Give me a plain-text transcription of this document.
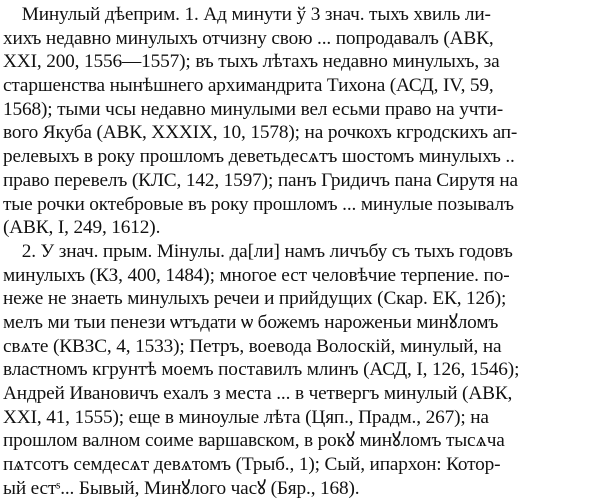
Минулый дѣеприм. 1. Ад минути ў 3 знач. тыхъ хвиль ли-
хихъ недавно минулыхъ отчизну свою ... попродавалъ (АВК,
XXI, 200, 1556—1557); въ тыхъ лѣтахъ недавно минулыхъ, за
старшенства нынѣшнего архимандрита Тихона (АСД, IV, 59,
1568); тыми чсы недавно минулыми вел есьми право на учти-
вого Якуба (АВК, XXXIX, 10, 1578); на рочкохъ кгродскихъ ап-
релевыхъ в року прошломъ деветьдесѧтъ шостомъ минулыхъ ..
право перевелъ (КЛС, 142, 1597); панъ Гридичъ пана Сирутя на
тые рочки октебровые въ року прошломъ ... минулые позывалъ
(АВК, I, 249, 1612).
2. У знач. прым. Мінулы. да[ли] намъ личъбу съ тыхъ годовъ
минулыхъ (КЗ, 400, 1484); многое ест человѣчие терпение. по-
нежe не знаеть минулыхъ речеи и прийдущих (Скар. ЕК, 12б);
мелъ ми тыи пенези ѡтъдати ѡ божемъ нароженьи минꙋломъ
свѧте (КВЗС, 4, 1533); Петръ, воевода Волоскій, минулый, на
властномъ кгрунтѣ моемъ поставилъ млинъ (АСД, I, 126, 1546);
Андрей Ивановичъ ехалъ з места ... в четвергъ минулый (АВК,
XXI, 41, 1555); еще в миноулые лѣта (Цяп., Прадм., 267); на
прошлом валном соиме варшавском, в рокꙋ минꙋломъ тысѧча
пѧтсотъ семдесѧт девѧтомъ (Трыб., 1); Сый, ипархон: Котор-
ый естˢ... Бывый, Минꙋлого часꙋ (Бяр., 168).
